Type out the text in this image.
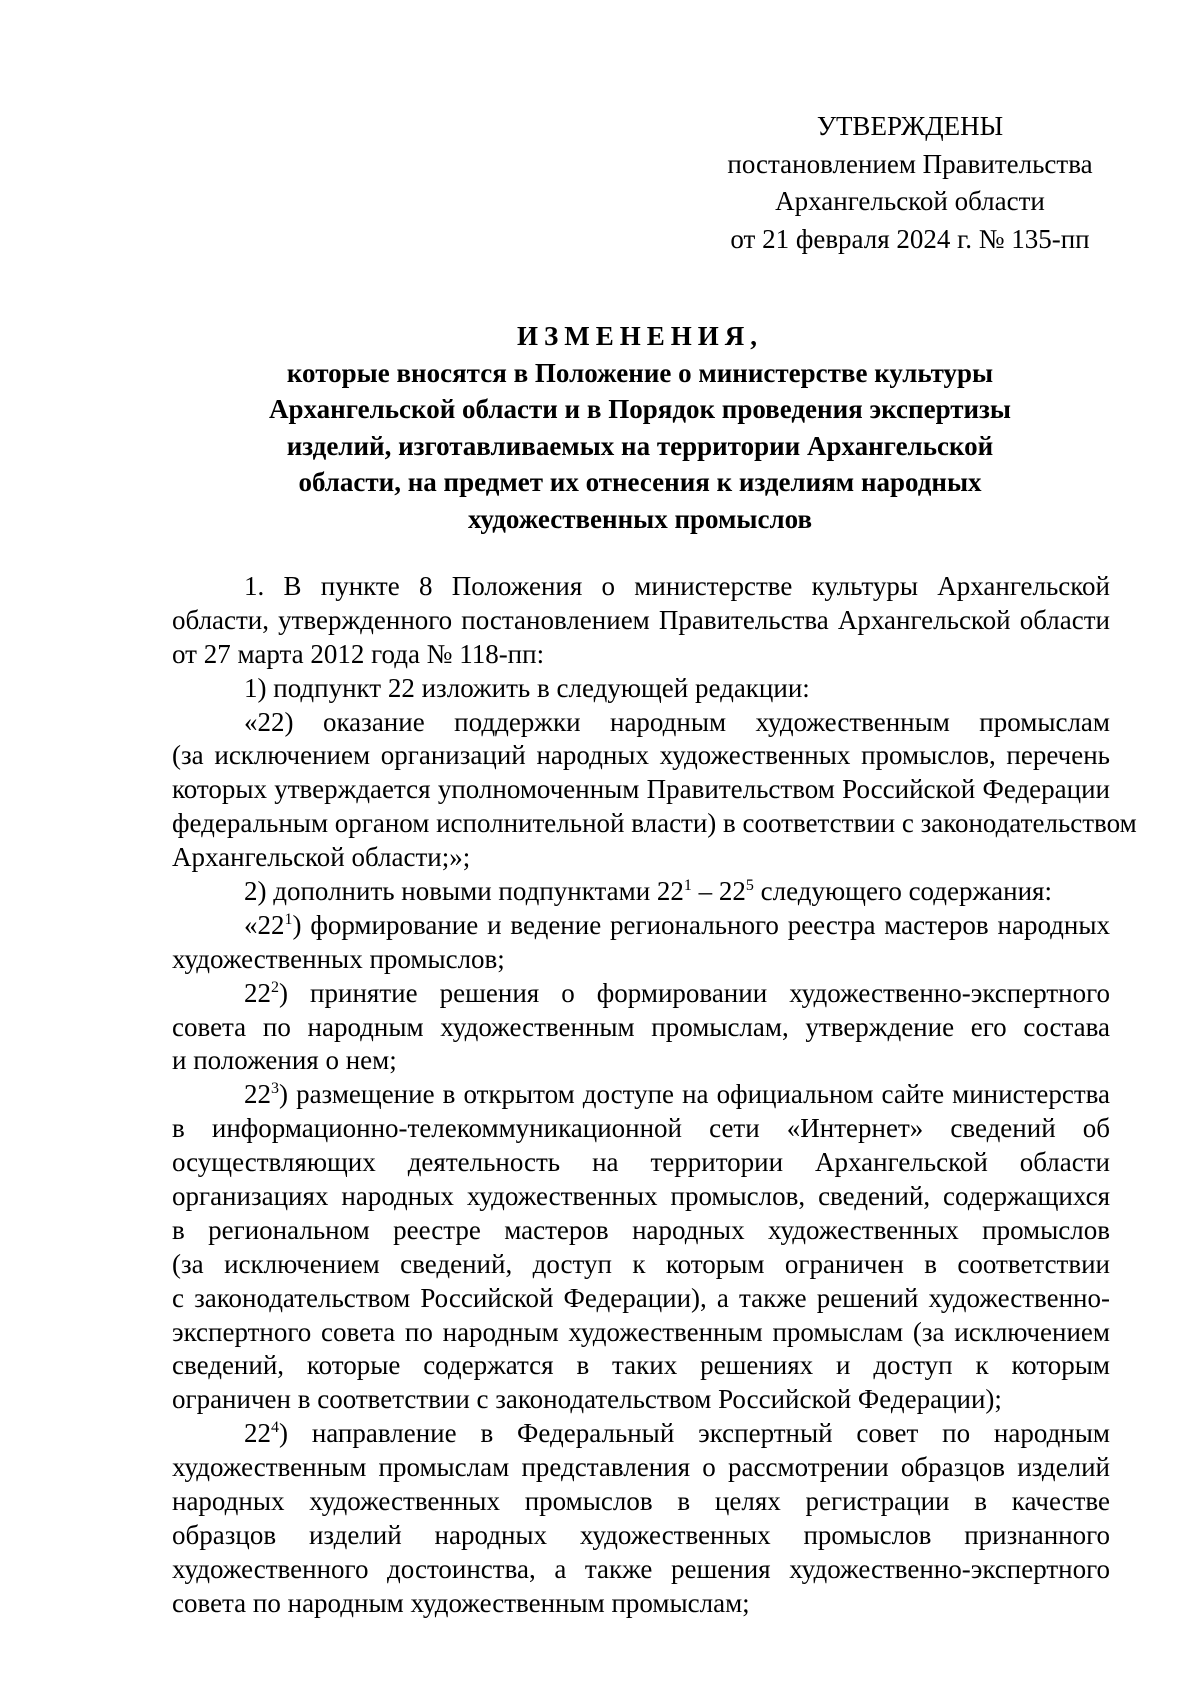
УТВЕРЖДЕНЫ
постановлением Правительства
Архангельской области
от 21 февраля 2024 г. № 135-пп
ИЗМЕНЕНИЯ,
которые вносятся в Положение о министерстве культуры
Архангельской области и в Порядок проведения экспертизы
изделий, изготавливаемых на территории Архангельской
области, на предмет их отнесения к изделиям народных
художественных промыслов
1. В пункте 8 Положения о министерстве культуры Архангельской
области, утвержденного постановлением Правительства Архангельской области
от 27 марта 2012 года № 118-пп:
1) подпункт 22 изложить в следующей редакции:
«22) оказание поддержки народным художественным промыслам
(за исключением организаций народных художественных промыслов, перечень
которых утверждается уполномоченным Правительством Российской Федерации
федеральным органом исполнительной власти) в соответствии с законодательством
Архангельской области;»;
2) дополнить новыми подпунктами $22^1 - 22^5$ следующего содержания:
«$22^1$) формирование и ведение регионального реестра мастеров народных
художественных промыслов;
$22^2$) принятие решения о формировании художественно-экспертного
совета по народным художественным промыслам, утверждение его состава
и положения о нем;
$22^3$) размещение в открытом доступе на официальном сайте министерства
в информационно-телекоммуникационной сети «Интернет» сведений об
осуществляющих деятельность на территории Архангельской области
организациях народных художественных промыслов, сведений, содержащихся
в региональном реестре мастеров народных художественных промыслов
(за исключением сведений, доступ к которым ограничен в соответствии
с законодательством Российской Федерации), а также решений художественно-
экспертного совета по народным художественным промыслам (за исключением
сведений, которые содержатся в таких решениях и доступ к которым
ограничен в соответствии с законодательством Российской Федерации);
$22^4$) направление в Федеральный экспертный совет по народным
художественным промыслам представления о рассмотрении образцов изделий
народных художественных промыслов в целях регистрации в качестве
образцов изделий народных художественных промыслов признанного
художественного достоинства, а также решения художественно-экспертного
совета по народным художественным промыслам;
